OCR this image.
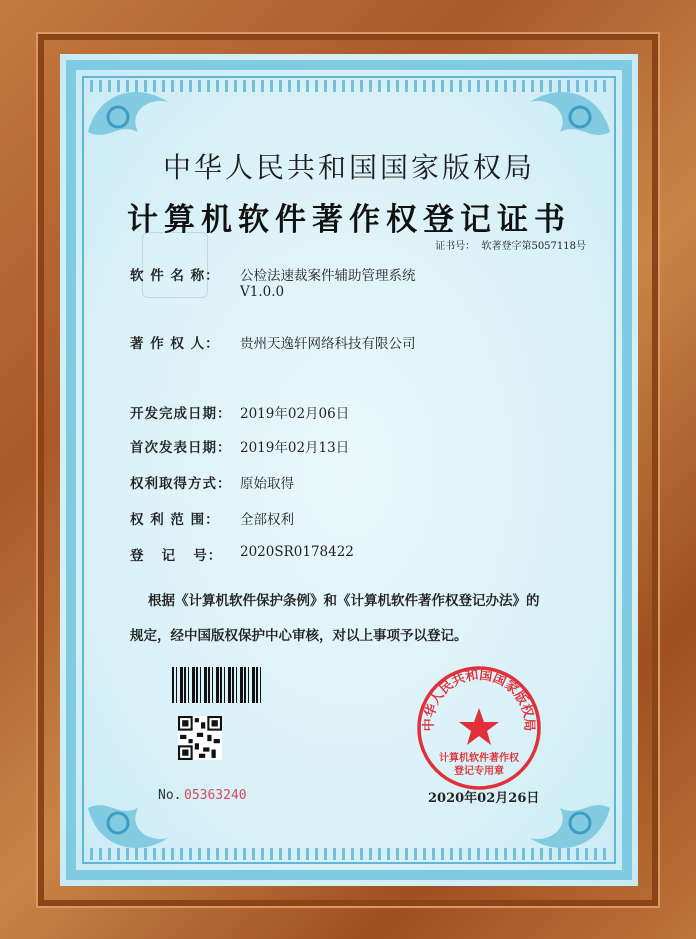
中华人民共和国国家版权局
计算机软件著作权登记证书
证书号： 软著登字第5057118号
软 件 名 称： 公检法速裁案件辅助管理系统
V1.0.0
著 作 权 人： 贵州天逸轩网络科技有限公司
开发完成日期： 2019年02月06日
首次发表日期： 2019年02月13日
权利取得方式： 原始取得
权 利 范 围： 全部权利
登   记   号： 2020SR0178422
根据《计算机软件保护条例》和《计算机软件著作权登记办法》的
规定，经中国版权保护中心审核，对以上事项予以登记。
No. 05363240
中华人民共和国国家版权局
计算机软件著作权
登记专用章
2020年02月26日
